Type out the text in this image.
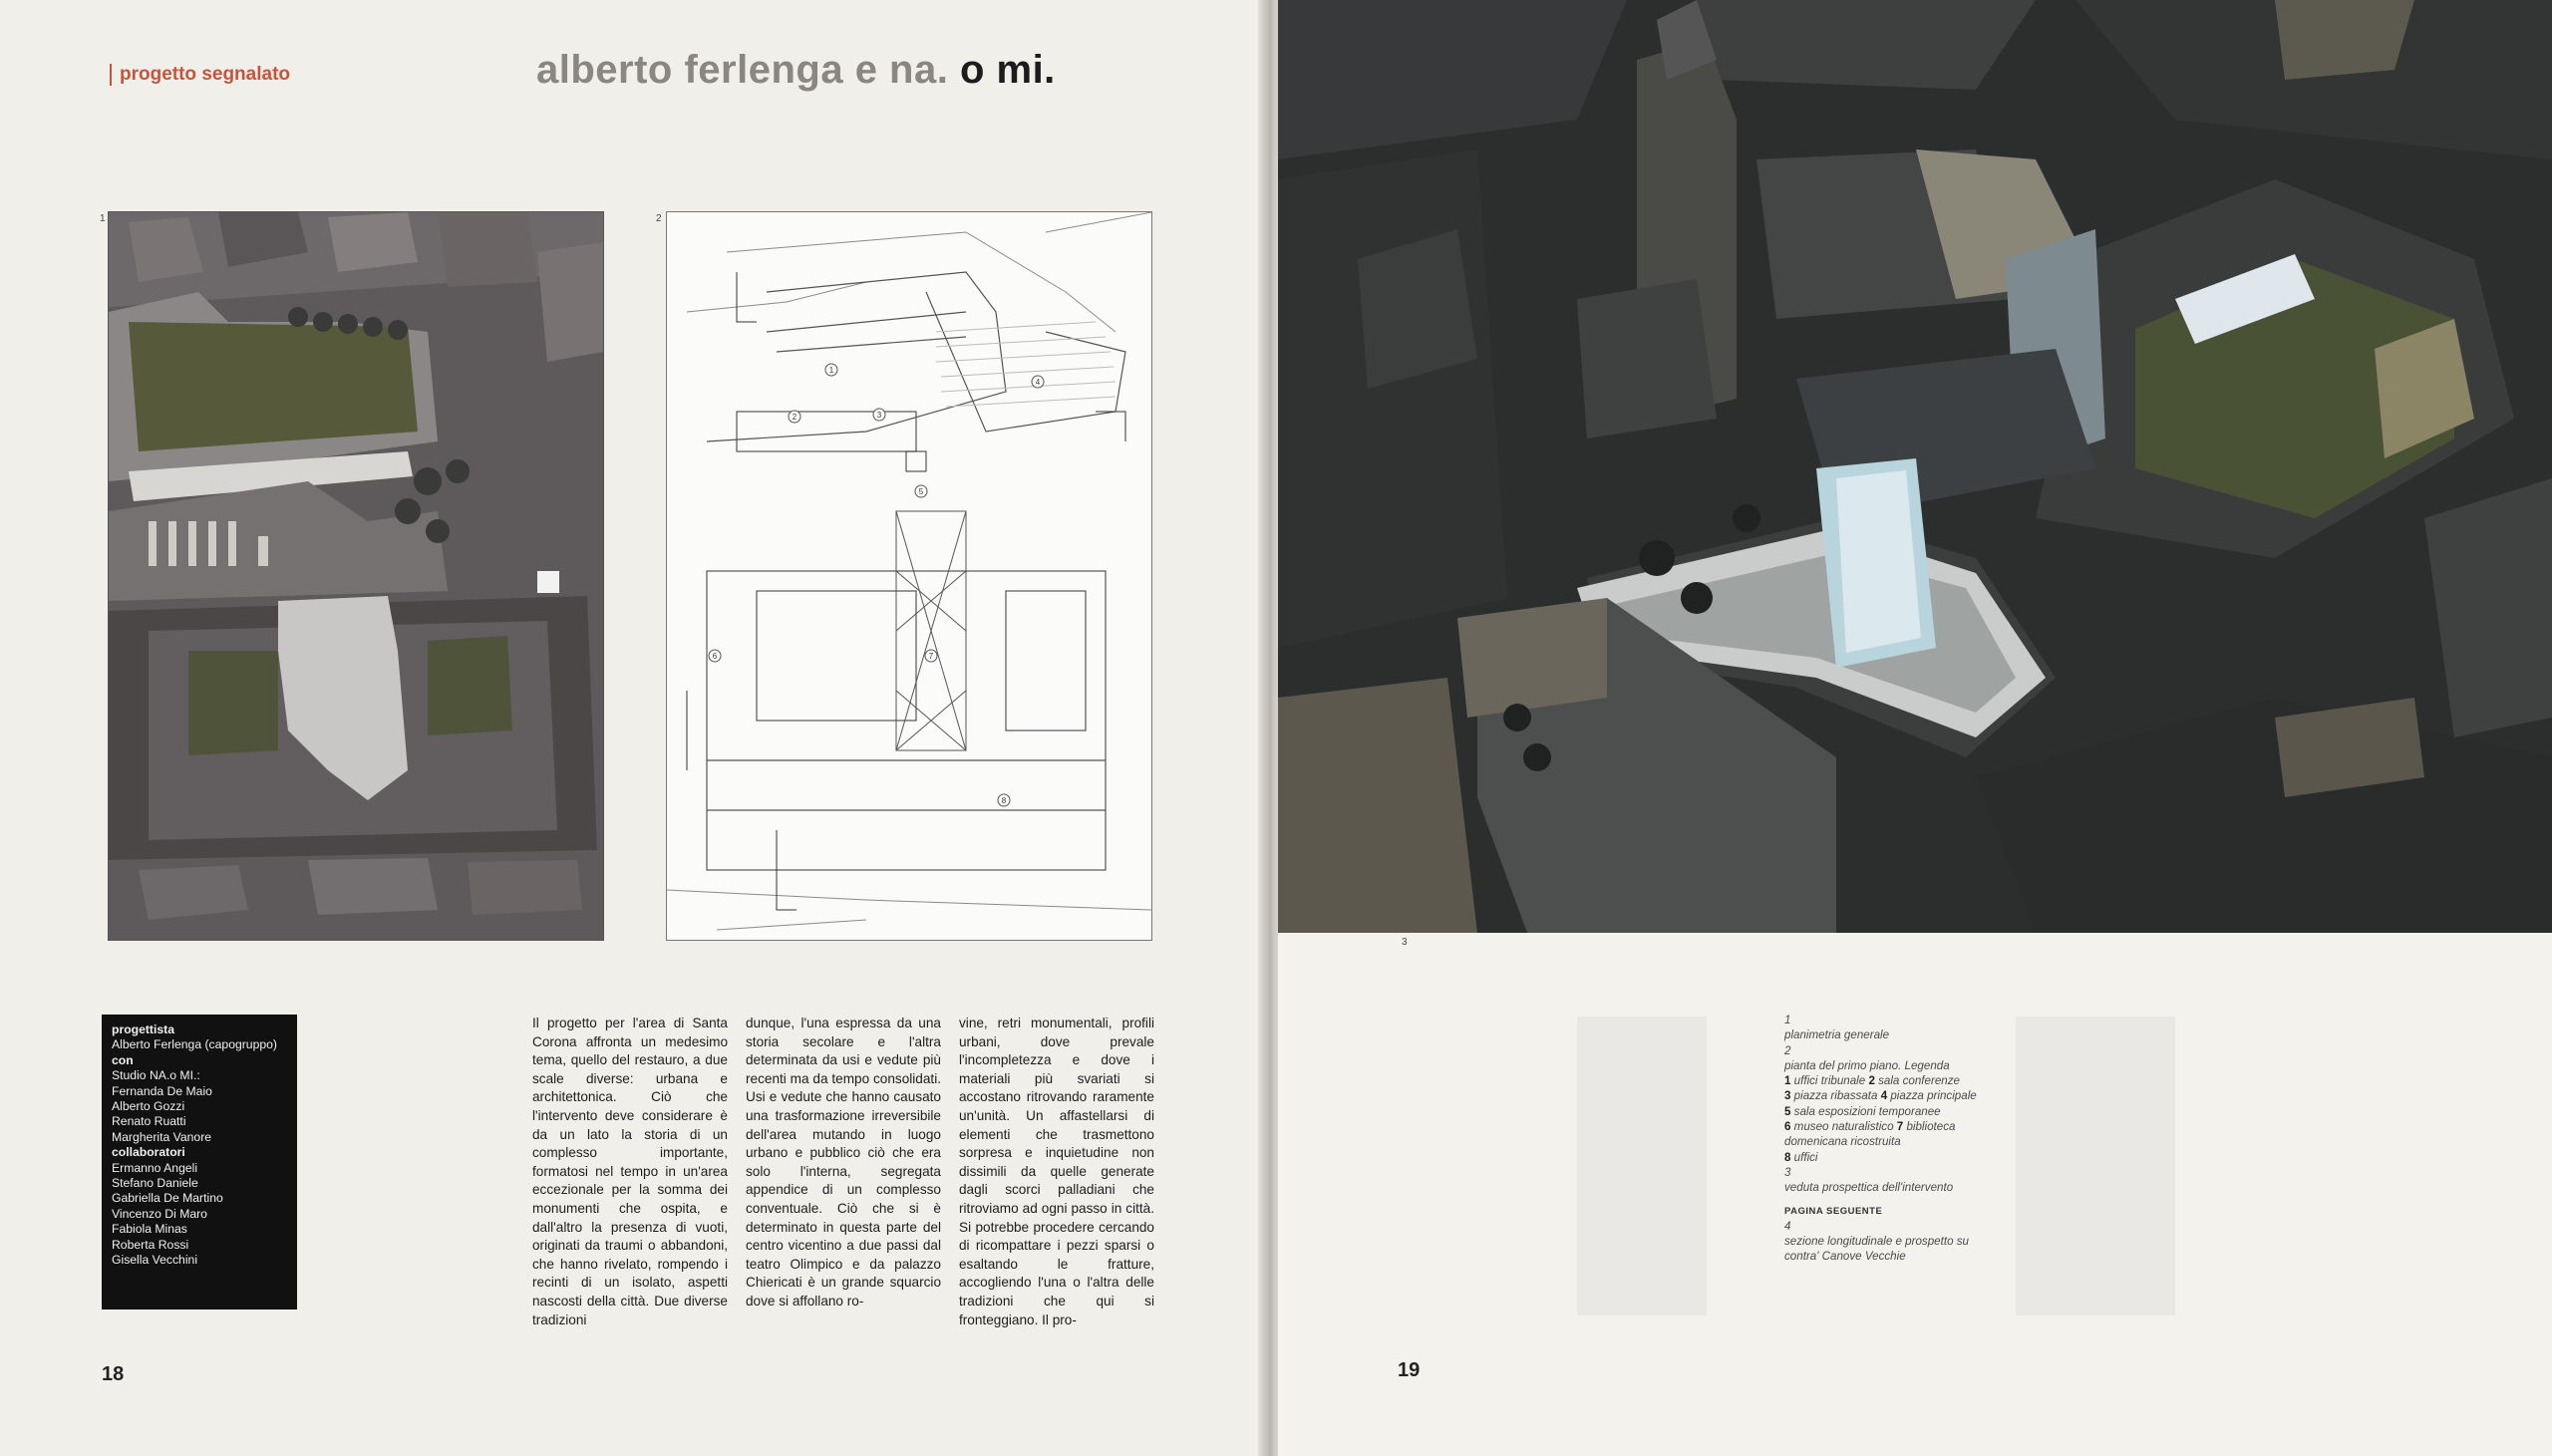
progetto segnalato	alberto ferlenga e na. o mi.
1	2
1
2	3
4
5
6	7
8
progettista
Alberto Ferlenga (capogruppo)
con
Studio NA.o MI.:
Fernanda De Maio
Alberto Gozzi
Renato Ruatti
Margherita Vanore
collaboratori
Ermanno Angeli
Stefano Daniele
Gabriella De Martino
Vincenzo Di Maro
Fabiola Minas
Roberta Rossi
Gisella Vecchini
Il progetto per l'area di Santa Corona affronta un medesimo tema, quello del restauro, a due scale diverse: urbana e architettonica. Ciò che l'intervento deve considerare è da un lato la storia di un complesso importante, formatosi nel tempo in un'area eccezionale per la somma dei monumenti che ospita, e dall'altro la presenza di vuoti, originati da traumi o abbandoni, che hanno rivelato, rompendo i recinti di un isolato, aspetti nascosti della città. Due diverse tradizioni
dunque, l'una espressa da una storia secolare e l'altra determinata da usi e vedute più recenti ma da tempo consolidati. Usi e vedute che hanno causato una trasformazione irreversibile dell'area mutando in luogo urbano e pubblico ciò che era solo l'interna, segregata appendice di un complesso conventuale. Ciò che si è determinato in questa parte del centro vicentino a due passi dal teatro Olimpico e da palazzo Chiericati è un grande squarcio dove si affollano ro-
vine, retri monumentali, profili urbani, dove prevale l'incompletezza e dove i materiali più svariati si accostano ritrovando raramente un'unità. Un affastellarsi di elementi che trasmettono sorpresa e inquietudine non dissimili da quelle generate dagli scorci palladiani che ritroviamo ad ogni passo in città. Si potrebbe procedere cercando di ricompattare i pezzi sparsi o esaltando le fratture, accogliendo l'una o l'altra delle tradizioni che qui si fronteggiano. Il pro-
18
3
1
planimetria generale
2
pianta del primo piano. Legenda
1 uffici tribunale 2 sala conferenze
3 piazza ribassata 4 piazza principale
5 sala esposizioni temporanee
6 museo naturalistico 7 biblioteca domenicana ricostruita
8 uffici
3
veduta prospettica dell'intervento
PAGINA SEGUENTE
4
sezione longitudinale e prospetto su contra' Canove Vecchie
19
